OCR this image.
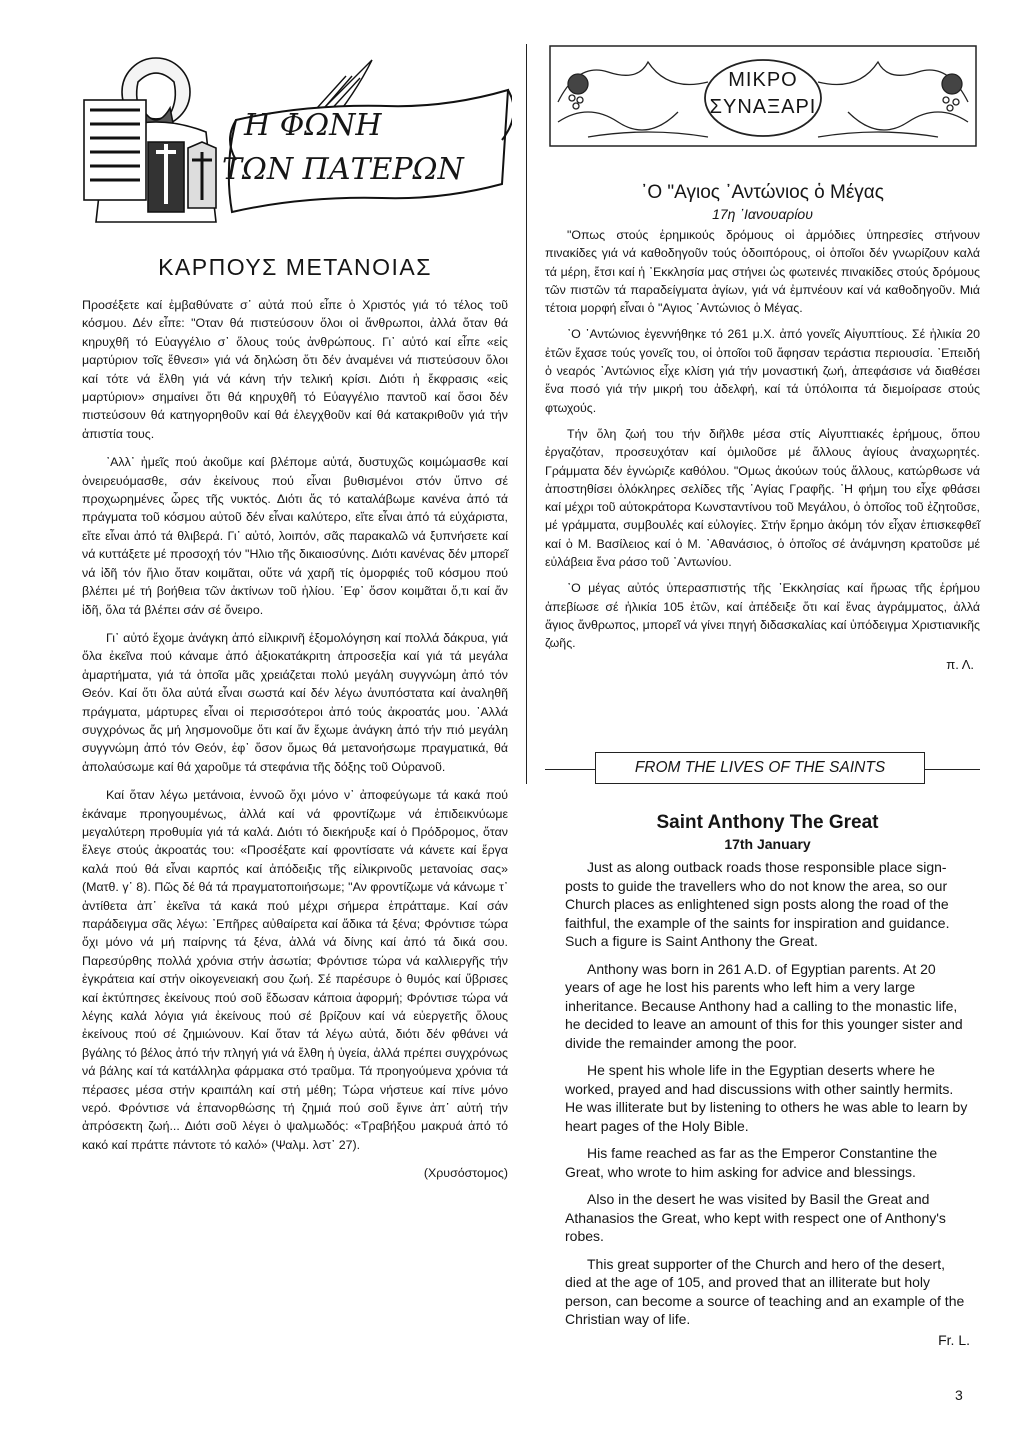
Η ΦΩΝΗ
ΤΩΝ ΠΑΤΕΡΩΝ
ΜΙΚΡΟ
ΣΥΝΑΞΑΡΙ
ΚΑΡΠΟΥΣ ΜΕΤΑΝΟΙΑΣ

Προσέξετε καί ἐμβαθύνατε σ᾿ αὐτά πού εἶπε ὁ Χριστός γιά τό τέλος τοῦ κόσμου. Δέν εἶπε: "Οταν θά πιστεύσουν ὅλοι οἱ ἄνθρωποι, ἀλλά ὅταν θά κηρυχθῆ τό Εὐαγγέλιο σ᾿ ὅλους τούς ἀνθρώπους. Γι᾿ αὐτό καί εἶπε «εἰς μαρτύριον τοῖς ἔθνεσι» γιά νά δηλώση ὅτι δέν ἀναμένει νά πιστεύσουν ὅλοι καί τότε νά ἔλθη γιά νά κάνη τήν τελική κρίσι. Διότι ἡ ἔκφρασις «εἰς μαρτύριον» σημαίνει ὅτι θά κηρυχθῆ τό Εὐαγγέλιο παντοῦ καί ὅσοι δέν πιστεύσουν θά κατηγορηθοῦν καί θά ἐλεγχθοῦν καί θά κατακριθοῦν γιά τήν ἀπιστία τους.

᾿Αλλ᾿ ἡμεῖς πού ἀκοῦμε καί βλέπομε αὐτά, δυστυχῶς κοιμώμασθε καί ὀνειρευόμασθε, σάν ἐκείνους πού εἶναι βυθισμένοι στόν ὕπνο σέ προχωρημένες ὧρες τῆς νυκτός. Διότι ἄς τό καταλάβωμε κανένα ἀπό τά πράγματα τοῦ κόσμου αὐτοῦ δέν εἶναι καλύτερο, εἴτε εἶναι ἀπό τά εὐχάριστα, εἴτε εἶναι ἀπό τά θλιβερά. Γι᾿ αὐτό, λοιπόν, σᾶς παρακαλῶ νά ξυπνήσετε καί νά κυττάξετε μέ προσοχή τόν "Ηλιο τῆς δικαιοσύνης. Διότι κανένας δέν μπορεῖ νά ἰδῆ τόν ἥλιο ὅταν κοιμᾶται, οὔτε νά χαρῆ τίς ὀμορφιές τοῦ κόσμου πού βλέπει μέ τή βοήθεια τῶν ἀκτίνων τοῦ ἡλίου. ᾿Εφ᾿ ὅσον κοιμᾶται ὅ,τι καί ἄν ἰδῆ, ὅλα τά βλέπει σάν σέ ὄνειρο.

Γι᾿ αὐτό ἔχομε ἀνάγκη ἀπό εἰλικρινῆ ἐξομολόγηση καί πολλά δάκρυα, γιά ὅλα ἐκεῖνα πού κάναμε ἀπό ἀξιοκατάκριτη ἀπροσεξία καί γιά τά μεγάλα ἁμαρτήματα, γιά τά ὁποῖα μᾶς χρειάζεται πολύ μεγάλη συγγνώμη ἀπό τόν Θεόν. Καί ὅτι ὅλα αὐτά εἶναι σωστά καί δέν λέγω ἀνυπόστατα καί ἀναληθῆ πράγματα, μάρτυρες εἶναι οἱ περισσότεροι ἀπό τούς ἀκροατάς μου. ᾿Αλλά συγχρόνως ἄς μή λησμονοῦμε ὅτι καί ἄν ἔχωμε ἀνάγκη ἀπό τήν πιό μεγάλη συγγνώμη ἀπό τόν Θεόν, ἐφ᾿ ὅσον ὅμως θά μετανοήσωμε πραγματικά, θά ἀπολαύσωμε καί θά χαροῦμε τά στεφάνια τῆς δόξης τοῦ Οὐρανοῦ.

Καί ὅταν λέγω μετάνοια, ἐννοῶ ὄχι μόνο ν᾿ ἀποφεύγωμε τά κακά πού ἐκάναμε προηγουμένως, ἀλλά καί νά φροντίζωμε νά ἐπιδεικνύωμε μεγαλύτερη προθυμία γιά τά καλά. Διότι τό διεκήρυξε καί ὁ Πρόδρομος, ὅταν ἔλεγε στούς ἀκροατάς του: «Προσέξατε καί φροντίσατε νά κάνετε καί ἔργα καλά πού θά εἶναι καρπός καί ἀπόδειξις τῆς εἰλικρινοῦς μετανοίας σας» (Ματθ. γ᾿ 8). Πῶς δέ θά τά πραγματοποιήσωμε; "Αν φροντίζωμε νά κάνωμε τ᾿ ἀντίθετα ἀπ᾿ ἐκεῖνα τά κακά πού μέχρι σήμερα ἐπράτταμε. Καί σάν παράδειγμα σᾶς λέγω: ᾿Επῆρες αὐθαίρετα καί ἄδικα τά ξένα; Φρόντισε τώρα ὄχι μόνο νά μή παίρνης τά ξένα, ἀλλά νά δίνης καί ἀπό τά δικά σου. Παρεσύρθης πολλά χρόνια στήν ἀσωτία; Φρόντισε τώρα νά καλλιεργῆς τήν ἐγκράτεια καί στήν οἰκογενειακή σου ζωή. Σέ παρέσυρε ὁ θυμός καί ὕβρισες καί ἐκτύπησες ἐκείνους πού σοῦ ἔδωσαν κάποια ἀφορμή; Φρόντισε τώρα νά λέγης καλά λόγια γιά ἐκείνους πού σέ βρίζουν καί νά εὐεργετῆς ὅλους ἐκείνους πού σέ ζημιώνουν. Καί ὅταν τά λέγω αὐτά, διότι δέν φθάνει νά βγάλης τό βέλος ἀπό τήν πληγή γιά νά ἔλθη ἡ ὑγεία, ἀλλά πρέπει συγχρόνως νά βάλης καί τά κατάλληλα φάρμακα στό τραῦμα. Τά προηγούμενα χρόνια τά πέρασες μέσα στήν κραιπάλη καί στή μέθη; Τώρα νήστευε καί πίνε μόνο νερό. Φρόντισε νά ἐπανορθώσης τή ζημιά πού σοῦ ἔγινε ἀπ᾿ αὐτή τήν ἀπρόσεκτη ζωή... Διότι σοῦ λέγει ὁ ψαλμωδός: «Τραβήξου μακρυά ἀπό τό κακό καί πράττε πάντοτε τό καλό» (Ψαλμ. λστ᾿ 27).

(Χρυσόστομος)

᾿Ο "Αγιος ᾿Αντώνιος ὁ Μέγας

17η ᾿Ιανουαρίου

"Οπως στούς ἐρημικούς δρόμους οἱ ἁρμόδιες ὑπηρεσίες στήνουν πινακίδες γιά νά καθοδηγοῦν τούς ὁδοιπόρους, οἱ ὁποῖοι δέν γνωρίζουν καλά τά μέρη, ἔτσι καί ἡ ᾿Εκκλησία μας στήνει ὡς φωτεινές πινακίδες στούς δρόμους τῶν πιστῶν τά παραδείγματα ἁγίων, γιά νά ἐμπνέουν καί νά καθοδηγοῦν. Μιά τέτοια μορφή εἶναι ὁ "Αγιος ᾿Αντώνιος ὁ Μέγας.

᾿Ο ᾿Αντώνιος ἐγεννήθηκε τό 261 μ.Χ. ἀπό γονεῖς Αἰγυπτίους. Σέ ἡλικία 20 ἐτῶν ἔχασε τούς γονεῖς του, οἱ ὁποῖοι τοῦ ἄφησαν τεράστια περιουσία. ᾿Επειδή ὁ νεαρός ᾿Αντώνιος εἶχε κλίση γιά τήν μοναστική ζωή, ἀπεφάσισε νά διαθέσει ἕνα ποσό γιά τήν μικρή του ἀδελφή, καί τά ὑπόλοιπα τά διεμοίρασε στούς φτωχούς.

Τήν ὅλη ζωή του τήν διῆλθε μέσα στίς Αἰγυπτιακές ἐρήμους, ὅπου ἐργαζόταν, προσευχόταν καί ὁμιλοῦσε μέ ἄλλους ἁγίους ἀναχωρητές. Γράμματα δέν ἐγνώριζε καθόλου. "Ομως ἀκούων τούς ἄλλους, κατώρθωσε νά ἀποστηθίσει ὁλόκληρες σελίδες τῆς ᾿Αγίας Γραφῆς. ᾿Η φήμη του εἶχε φθάσει καί μέχρι τοῦ αὐτοκράτορα Κωνσταντίνου τοῦ Μεγάλου, ὁ ὁποῖος τοῦ ἐζητοῦσε, μέ γράμματα, συμβουλές καί εὐλογίες. Στήν ἔρημο ἀκόμη τόν εἶχαν ἐπισκεφθεῖ καί ὁ Μ. Βασίλειος καί ὁ Μ. ᾿Αθανάσιος, ὁ ὁποῖος σέ ἀνάμνηση κρατοῦσε μέ εὐλάβεια ἕνα ράσο τοῦ ᾿Αντωνίου.

᾿Ο μέγας αὐτός ὑπερασπιστής τῆς ᾿Εκκλησίας καί ἥρωας τῆς ἐρήμου ἀπεβίωσε σέ ἡλικία 105 ἐτῶν, καί ἀπέδειξε ὅτι καί ἕνας ἀγράμματος, ἀλλά ἅγιος ἄνθρωπος, μπορεῖ νά γίνει πηγή διδασκαλίας καί ὑπόδειγμα Χριστιανικῆς ζωῆς.

π. Λ.

FROM THE LIVES OF THE SAINTS
Saint Anthony The Great

17th January

Just as along outback roads those responsible place sign-posts to guide the travellers who do not know the area, so our Church places as enlightened sign posts along the road of the faithful, the example of the saints for inspiration and guidance. Such a figure is Saint Anthony the Great.

Anthony was born in 261 A.D. of Egyptian parents. At 20 years of age he lost his parents who left him a very large inheritance. Because Anthony had a calling to the monastic life, he decided to leave an amount of this for this younger sister and divide the remainder among the poor.

He spent his whole life in the Egyptian deserts where he worked, prayed and had discussions with other saintly hermits. He was illiterate but by listening to others he was able to learn by heart pages of the Holy Bible.

His fame reached as far as the Emperor Constantine the Great, who wrote to him asking for advice and blessings.

Also in the desert he was visited by Basil the Great and Athanasios the Great, who kept with respect one of Anthony's robes.

This great supporter of the Church and hero of the desert, died at the age of 105, and proved that an illiterate but holy person, can become a source of teaching and an example of the Christian way of life.

Fr. L.

3
